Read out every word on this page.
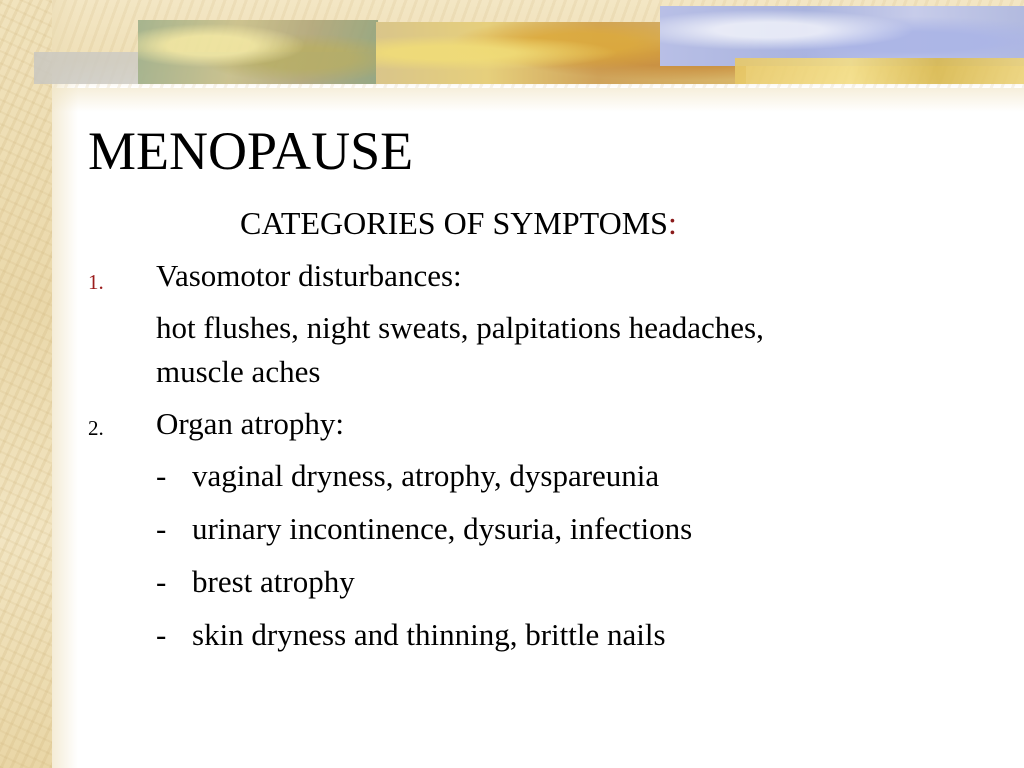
MENOPAUSE
CATEGORIES OF SYMPTOMS:
1. Vasomotor disturbances:
hot flushes, night sweats, palpitations headaches,
muscle aches
2. Organ atrophy:
- vaginal dryness, atrophy, dyspareunia
- urinary incontinence, dysuria, infections
- brest atrophy
- skin dryness and thinning, brittle nails
